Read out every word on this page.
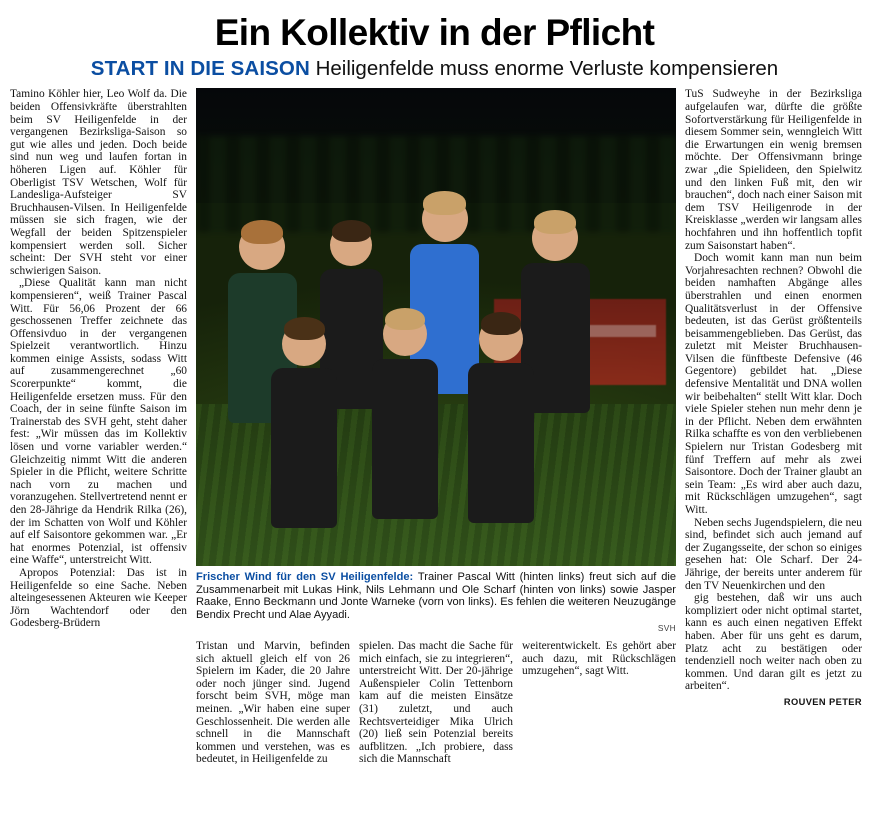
Ein Kollektiv in der Pflicht
START IN DIE SAISON Heiligenfelde muss enorme Verluste kompensieren

Tamino Köhler hier, Leo Wolf da. Die beiden Offensivkräfte überstrahlten beim SV Heiligenfelde in der vergangenen Bezirksliga-Saison so gut wie alles und jeden. Doch beide sind nun weg und laufen fortan in höheren Ligen auf. Köhler für Oberligist TSV Wetschen, Wolf für Landesliga-Aufsteiger SV Bruchhausen-Vilsen. In Heiligenfelde müssen sie sich fragen, wie der Wegfall der beiden Spitzenspieler kompensiert werden soll. Sicher scheint: Der SVH steht vor einer schwierigen Saison.

„Diese Qualität kann man nicht kompensieren“, weiß Trainer Pascal Witt. Für 56,06 Prozent der 66 geschossenen Treffer zeichnete das Offensivduo in der vergangenen Spielzeit verantwortlich. Hinzu kommen einige Assists, sodass Witt auf zusammengerechnet „60 Scorerpunkte“ kommt, die Heiligenfelde ersetzen muss. Für den Coach, der in seine fünfte Saison im Trainerstab des SVH geht, steht daher fest: „Wir müssen das im Kollektiv lösen und vorne variabler werden.“ Gleichzeitig nimmt Witt die anderen Spieler in die Pflicht, weitere Schritte nach vorn zu machen und voranzugehen. Stellvertretend nennt er den 28-Jährige da Hendrik Rilka (26), der im Schatten von Wolf und Köhler auf elf Saisontore gekommen war. „Er hat enormes Potenzial, ist offensiv eine Waffe“, unterstreicht Witt.

Apropos Potenzial: Das ist in Heiligenfelde so eine Sache. Neben alteingesessenen Akteuren wie Keeper Jörn Wachtendorf oder den Godesberg-Brüdern

Frischer Wind für den SV Heiligenfelde: Trainer Pascal Witt (hinten links) freut sich auf die Zusammenarbeit mit Lukas Hink, Nils Lehmann und Ole Scharf (hinten von links) sowie Jasper Raake, Enno Beckmann und Jonte Warneke (vorn von links). Es fehlen die weiteren Neuzugänge Bendix Precht und Alae Ayyadi.
SVH
Tristan und Marvin, befinden sich aktuell gleich elf von 26 Spielern im Kader, die 20 Jahre oder noch jünger sind. Jugend forscht beim SVH, möge man meinen. „Wir haben eine super Geschlossenheit. Die werden alle schnell in die Mannschaft kommen und verstehen, was es bedeutet, in Heiligenfelde zu
spielen. Das macht die Sache für mich einfach, sie zu integrieren“, unterstreicht Witt. Der 20-jährige Außenspieler Colin Tettenborn kam auf die meisten Einsätze (31) zuletzt, und auch Rechtsverteidiger Mika Ulrich (20) ließ sein Potenzial bereits aufblitzen. „Ich probiere, dass sich die Mannschaft
weiterentwickelt. Es gehört aber auch dazu, mit Rückschlägen umzugehen“, sagt Witt.

TuS Sudweyhe in der Bezirksliga aufgelaufen war, dürfte die größte Sofortverstärkung für Heiligenfelde in diesem Sommer sein, wenngleich Witt die Erwartungen ein wenig bremsen möchte. Der Offensivmann bringe zwar „die Spielideen, den Spielwitz und den linken Fuß mit, den wir brauchen“, doch nach einer Saison mit dem TSV Heiligenrode in der Kreisklasse „werden wir langsam alles hochfahren und ihn hoffentlich topfit zum Saisonstart haben“.

Doch womit kann man nun beim Vorjahresachten rechnen? Obwohl die beiden namhaften Abgänge alles überstrahlen und einen enormen Qualitätsverlust in der Offensive bedeuten, ist das Gerüst größtenteils beisammengeblieben. Das Gerüst, das zuletzt mit Meister Bruchhausen-Vilsen die fünftbeste Defensive (46 Gegentore) gebildet hat. „Diese defensive Mentalität und DNA wollen wir beibehalten“ stellt Witt klar. Doch viele Spieler stehen nun mehr denn je in der Pflicht. Neben dem erwähnten Rilka schaffte es von den verbliebenen Spielern nur Tristan Godesberg mit fünf Treffern auf mehr als zwei Saisontore. Doch der Trainer glaubt an sein Team: „Es wird aber auch dazu, mit Rückschlägen umzugehen“, sagt Witt.

Neben sechs Jugendspielern, die neu sind, befindet sich auch jemand auf der Zugangsseite, der schon so einiges gesehen hat: Ole Scharf. Der 24-Jährige, der bereits unter anderem für den TV Neuenkirchen und den

gig bestehen, daß wir uns auch kompliziert oder nicht optimal startet, kann es auch einen negativen Effekt haben. Aber für uns geht es darum, Platz acht zu bestätigen oder tendenziell noch weiter nach oben zu kommen. Und daran gilt es jetzt zu arbeiten“.

ROUVEN PETER
